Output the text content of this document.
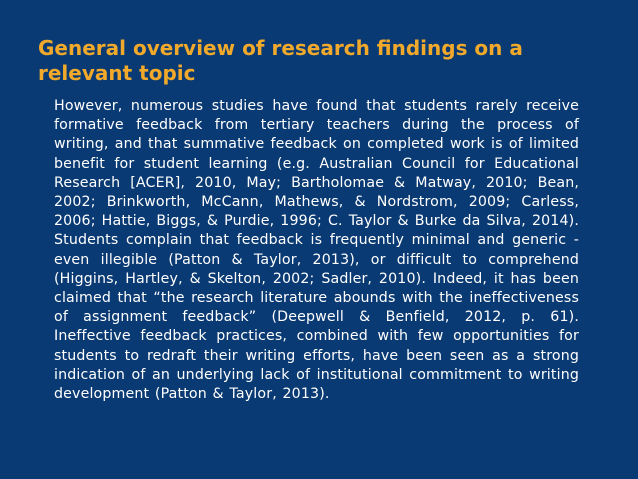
General overview of research findings on a relevant topic

However, numerous studies have found that students rarely receive formative feedback from tertiary teachers during the process of writing, and that summative feedback on completed work is of limited benefit for student learning (e.g. Australian Council for Educational Research [ACER], 2010, May; Bartholomae & Matway, 2010; Bean, 2002; Brinkworth, McCann, Mathews, & Nordstrom, 2009; Carless, 2006; Hattie, Biggs, & Purdie, 1996; C. Taylor & Burke da Silva, 2014). Students complain that feedback is frequently minimal and generic - even illegible (Patton & Taylor, 2013), or difficult to comprehend (Higgins, Hartley, & Skelton, 2002; Sadler, 2010). Indeed, it has been claimed that “the research literature abounds with the ineffectiveness of assignment feedback” (Deepwell & Benfield, 2012, p. 61). Ineffective feedback practices, combined with few opportunities for students to redraft their writing efforts, have been seen as a strong indication of an underlying lack of institutional commitment to writing development (Patton & Taylor, 2013).
